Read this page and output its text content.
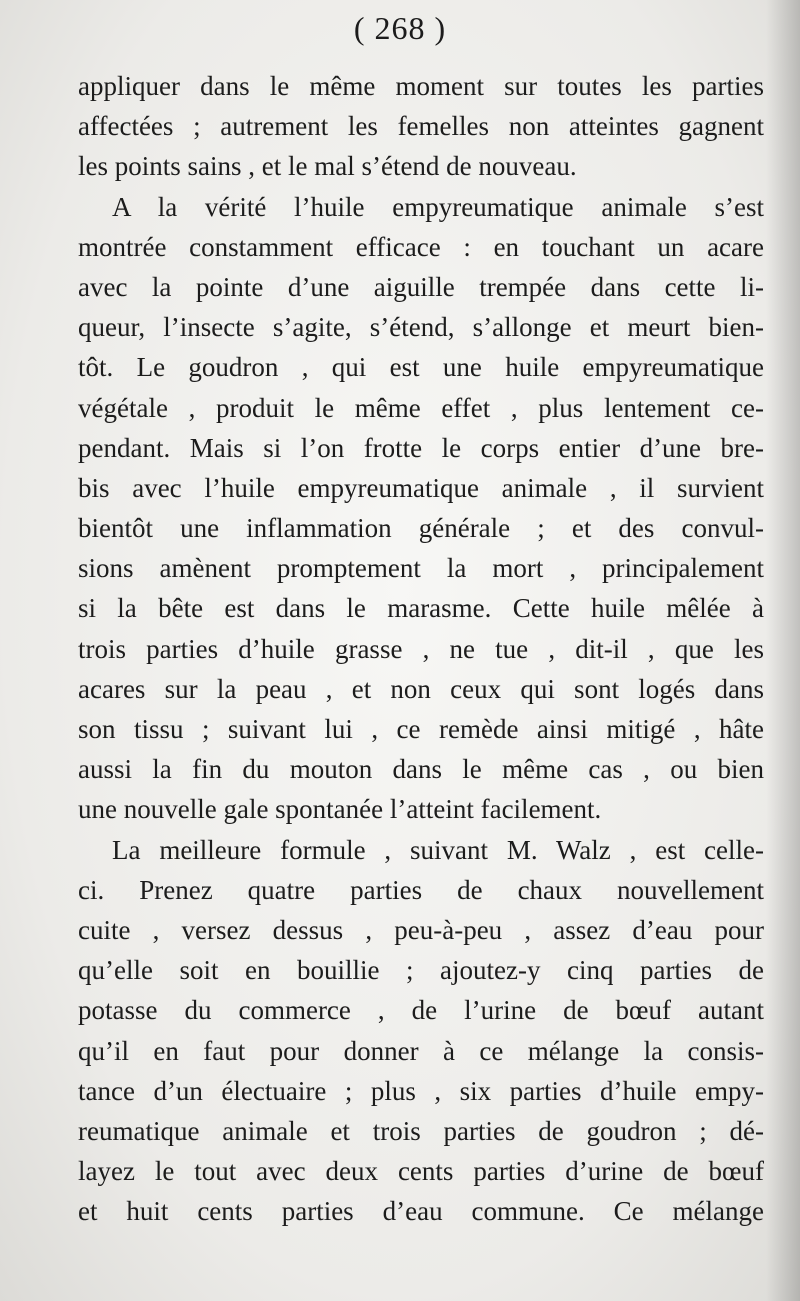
( 268 )
appliquer dans le même moment sur toutes les parties
affectées ; autrement les femelles non atteintes gagnent
les points sains , et le mal s’étend de nouveau.
A la vérité l’huile empyreumatique animale s’est
montrée constamment efficace : en touchant un acare
avec la pointe d’une aiguille trempée dans cette li-
queur, l’insecte s’agite, s’étend, s’allonge et meurt bien-
tôt. Le goudron , qui est une huile empyreumatique
végétale , produit le même effet , plus lentement ce-
pendant. Mais si l’on frotte le corps entier d’une bre-
bis avec l’huile empyreumatique animale , il survient
bientôt une inflammation générale ; et des convul-
sions amènent promptement la mort , principalement
si la bête est dans le marasme. Cette huile mêlée à
trois parties d’huile grasse , ne tue , dit-il , que les
acares sur la peau , et non ceux qui sont logés dans
son tissu ; suivant lui , ce remède ainsi mitigé , hâte
aussi la fin du mouton dans le même cas , ou bien
une nouvelle gale spontanée l’atteint facilement.
La meilleure formule , suivant M. Walz , est celle-
ci. Prenez quatre parties de chaux nouvellement
cuite , versez dessus , peu-à-peu , assez d’eau pour
qu’elle soit en bouillie ; ajoutez-y cinq parties de
potasse du commerce , de l’urine de bœuf autant
qu’il en faut pour donner à ce mélange la consis-
tance d’un électuaire ; plus , six parties d’huile empy-
reumatique animale et trois parties de goudron ; dé-
layez le tout avec deux cents parties d’urine de bœuf
et huit cents parties d’eau commune. Ce mélange
